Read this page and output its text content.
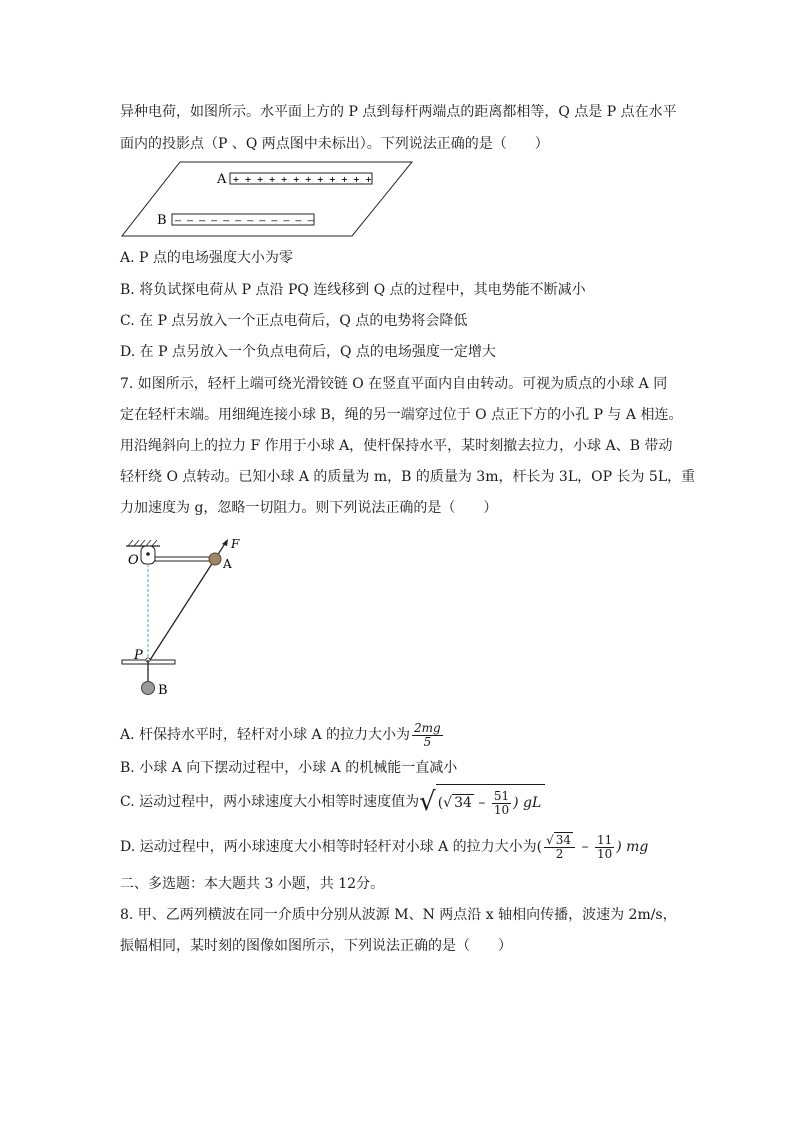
异种电荷，如图所示。水平面上方的 P 点到每杆两端点的距离都相等，Q 点是 P 点在水平
面内的投影点（P 、Q 两点图中未标出）。下列说法正确的是（　　）
+ + + + + + + + + + + +
A
– – – – – – – – – – – –
B
A. P 点的电场强度大小为零
B. 将负试探电荷从 P 点沿 PQ 连线移到 Q 点的过程中，其电势能不断减小
C. 在 P 点另放入一个正点电荷后，Q 点的电势将会降低
D. 在 P 点另放入一个负点电荷后，Q 点的电场强度一定增大
7. 如图所示，轻杆上端可绕光滑铰链 O 在竖直平面内自由转动。可视为质点的小球 A 同
定在轻杆末端。用细绳连接小球 B，绳的另一端穿过位于 O 点正下方的小孔 P 与 A 相连。
用沿绳斜向上的拉力 F 作用于小球 A，使杆保持水平，某时刻撤去拉力，小球 A、B 带动
轻杆绕 O 点转动。已知小球 A 的质量为 m，B 的质量为 3m，杆长为 3L，OP 长为 5L，重
力加速度为 g，忽略一切阻力。则下列说法正确的是（　　）
O
F
A
P
B
A. 杆保持水平时，轻杆对小球 A 的拉力大小为 $\frac{2mg}{5}$
B. 小球 A 向下摆动过程中，小球 A 的机械能一直减小
C. 运动过程中，两小球速度大小相等时速度值为√ (√ $34 - \frac{51}{10}$ ) gL
D. 运动过程中，两小球速度大小相等时轻杆对小球 A 的拉力大小为( $\frac{√ 34}{2} - \frac{11}{10}$ ) mg
二、多选题：本大题共 3 小题，共 12分。
8. 甲、乙两列横波在同一介质中分别从波源 M、N 两点沿 x 轴相向传播，波速为 2m/s，
振幅相同，某时刻的图像如图所示，下列说法正确的是（　　）
